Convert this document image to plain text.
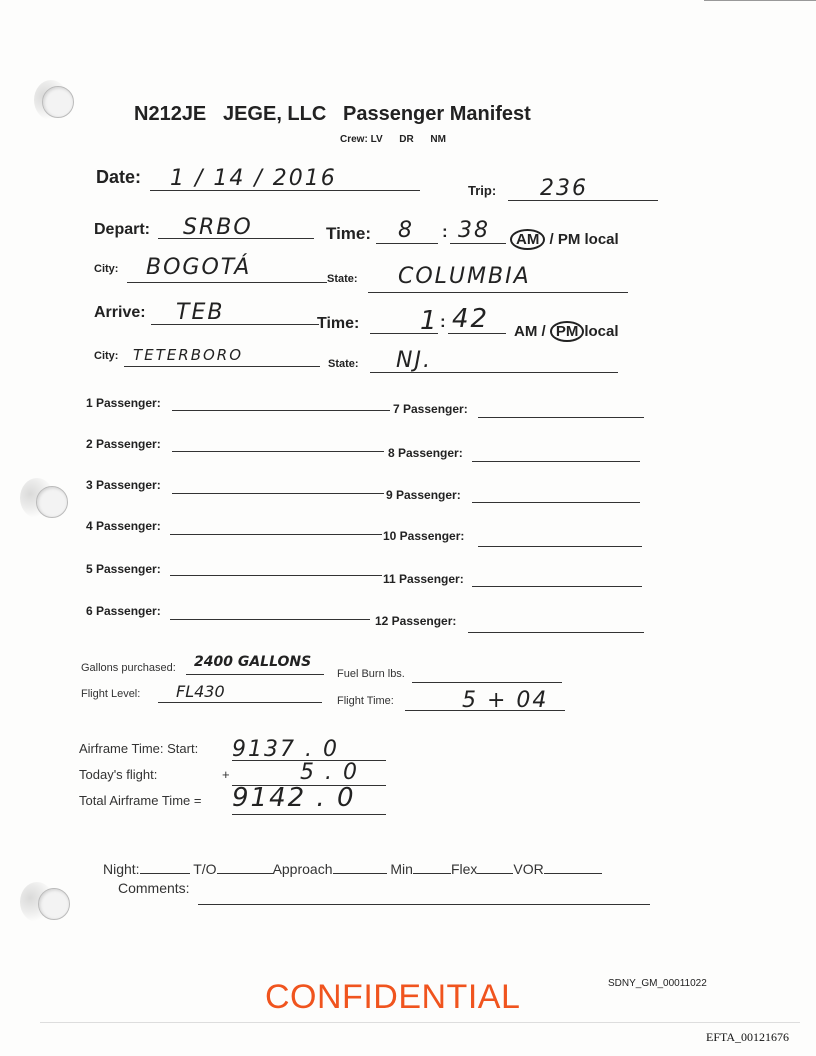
N212JE JEGE, LLC Passenger Manifest
Crew: LV DR NM
Date: 1 / 14 / 2016	Trip: 236
Depart: SRBO	Time: 8 : 38	AM / PM local
City: BOGOTÁ	State: COLUMBIA
Arrive: TEB	Time: 1 : 42 AM / PM local
City: TETERBORO	State: NJ.
1 Passenger:
2 Passenger:
3 Passenger:
4 Passenger:
5 Passenger:
6 Passenger:
7 Passenger:
8 Passenger:
9 Passenger:
10 Passenger:
11 Passenger:
12 Passenger:
Gallons purchased: 2400 GALLONS
Fuel Burn lbs.
Flight Level: FL430	Flight Time:	5 + 04
Airframe Time: Start: 9137 . 0
Today's flight:	+	5 . 0
Total Airframe Time = 9142 . 0
Night:	T/O	Approach	Min	Flex	VOR
Comments:
CONFIDENTIAL	SDNY_GM_00011022
EFTA_00121676
